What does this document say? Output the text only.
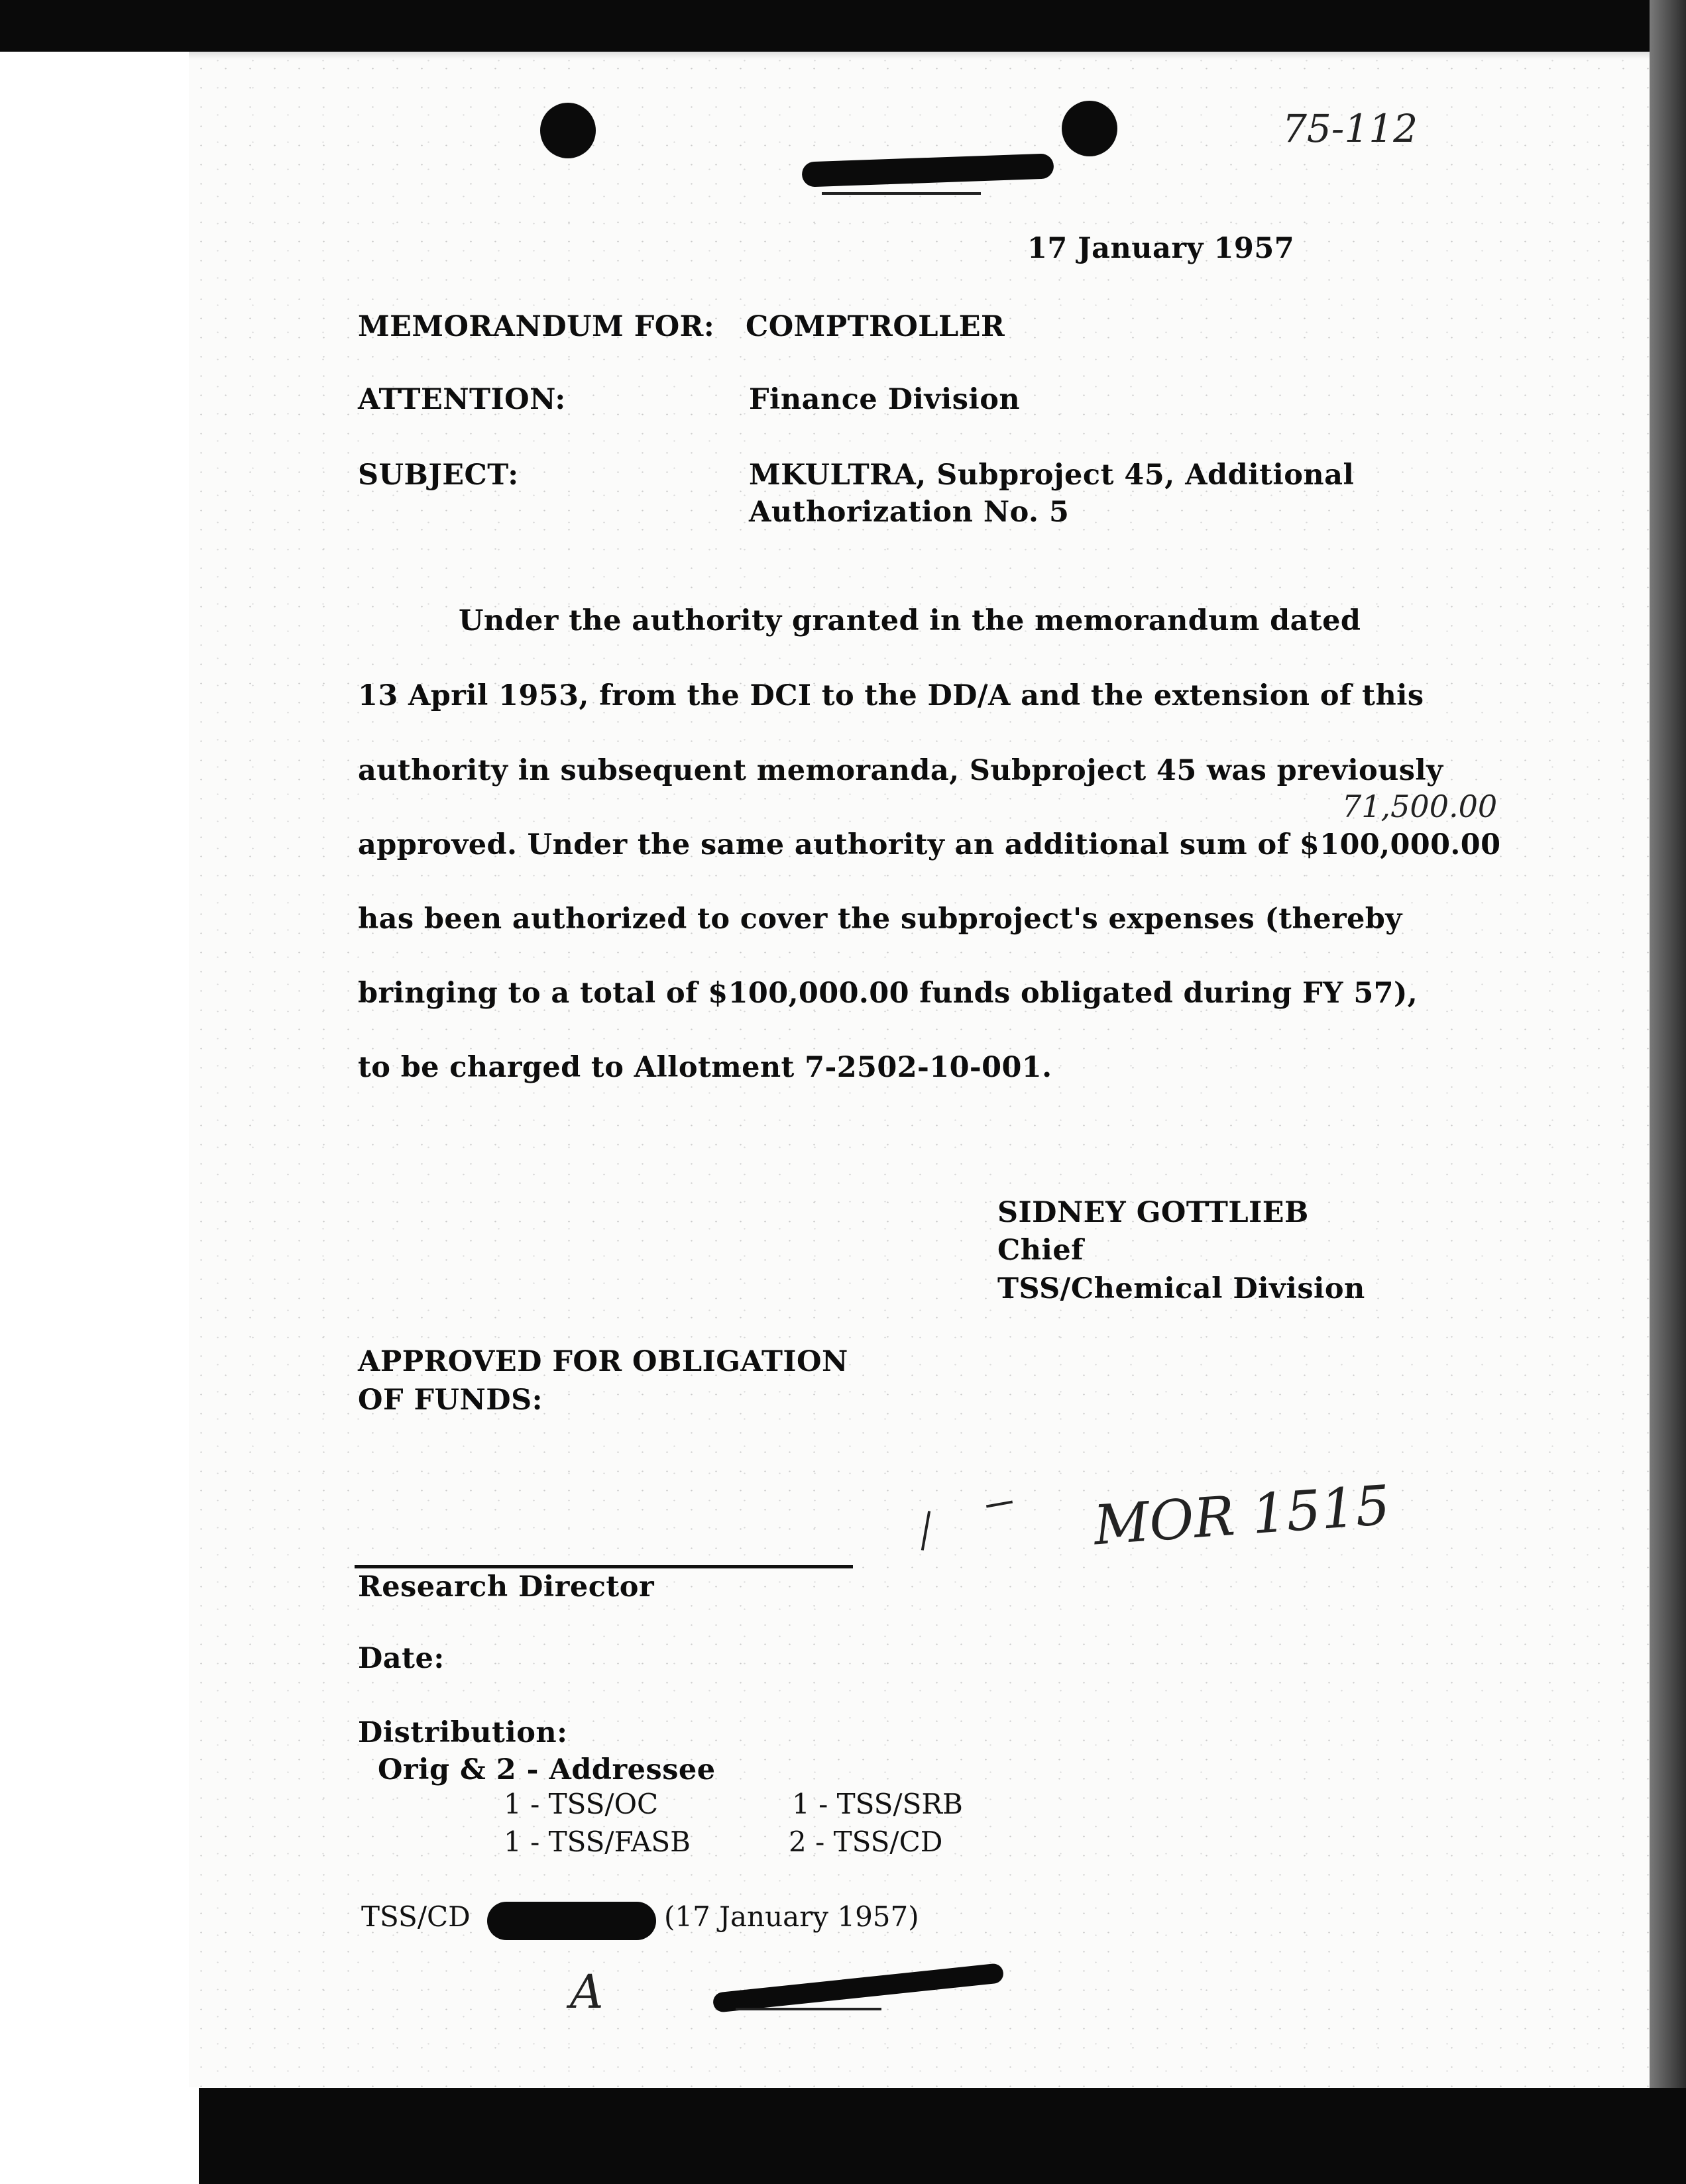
75-112
17 January 1957
MEMORANDUM FOR: COMPTROLLER
ATTENTION:	Finance Division
SUBJECT:	MKULTRA, Subproject 45, Additional
Authorization No. 5
Under the authority granted in the memorandum dated
13 April 1953, from the DCI to the DD/A and the extension of this
authority in subsequent memoranda, Subproject 45 was previously
71,500.00
approved. Under the same authority an additional sum of $100,000.00
has been authorized to cover the subproject's expenses (thereby
bringing to a total of $100,000.00 funds obligated during FY 57),
to be charged to Allotment 7-2502-10-001.
SIDNEY GOTTLIEB
Chief
TSS/Chemical Division
APPROVED FOR OBLIGATION
OF FUNDS:
MOR 1515
Research Director
Date:
Distribution:
Orig & 2 - Addressee
1 - TSS/OC	1 - TSS/SRB
1 - TSS/FASB	2 - TSS/CD
TSS/CD	(17 January 1957)
A
